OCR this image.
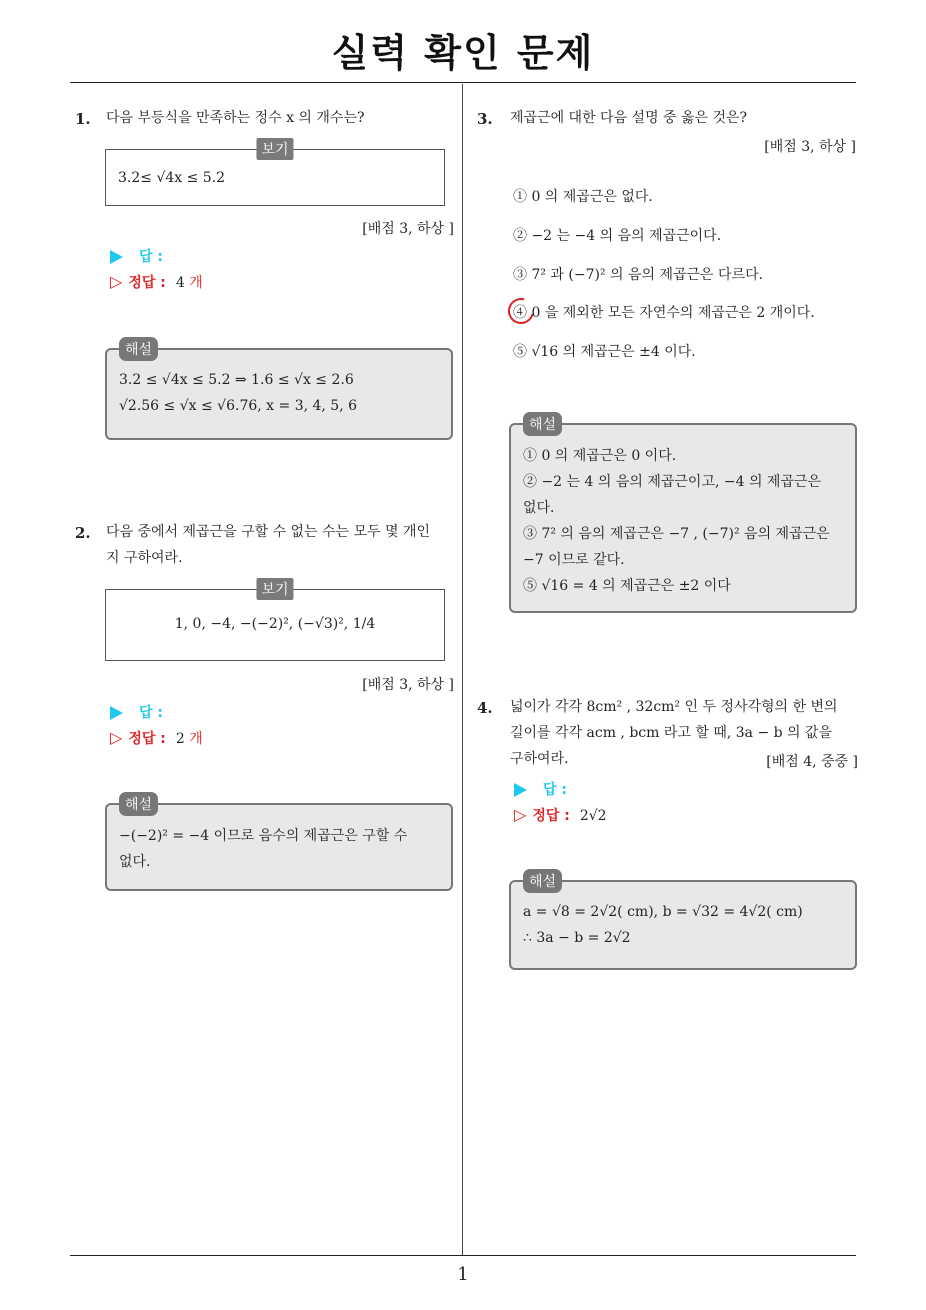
실력 확인 문제
1. 다음 부등식을 만족하는 정수 x 의 개수는?
보기
3.2≤ √4x ≤ 5.2
[배점 3, 하상 ]
답 :
▷ 정답 : 4 개
해설
3.2 ≤ √4x ≤ 5.2 ⇒ 1.6 ≤ √x ≤ 2.6
√2.56 ≤ √x ≤ √6.76, x = 3, 4, 5, 6
2. 다음 중에서 제곱근을 구할 수 없는 수는 모두 몇 개인
지 구하여라.
보기
1, 0, −4, −(−2)², (−√3)², 1/4
[배점 3, 하상 ]
답 :
▷ 정답 : 2 개
해설
−(−2)² = −4 이므로 음수의 제곱근은 구할 수
없다.
3. 제곱근에 대한 다음 설명 중 옳은 것은?
[배점 3, 하상 ]
① 0 의 제곱근은 없다.
② −2 는 −4 의 음의 제곱근이다.
③ 7² 과 (−7)² 의 음의 제곱근은 다르다.
④ 0 을 제외한 모든 자연수의 제곱근은 2 개이다.
⑤ √16 의 제곱근은 ±4 이다.
해설
① 0 의 제곱근은 0 이다.
② −2 는 4 의 음의 제곱근이고, −4 의 제곱근은
없다.
③ 7² 의 음의 제곱근은 −7 , (−7)² 음의 제곱근은
−7 이므로 같다.
⑤ √16 = 4 의 제곱근은 ±2 이다
4. 넓이가 각각 8cm² , 32cm² 인 두 정사각형의 한 변의
길이를 각각 acm , bcm 라고 할 때, 3a − b 의 값을
구하여라.	[배점 4, 중중 ]
답 :
▷ 정답 : 2√2
해설
a = √8 = 2√2( cm), b = √32 = 4√2( cm)
∴ 3a − b = 2√2
1
